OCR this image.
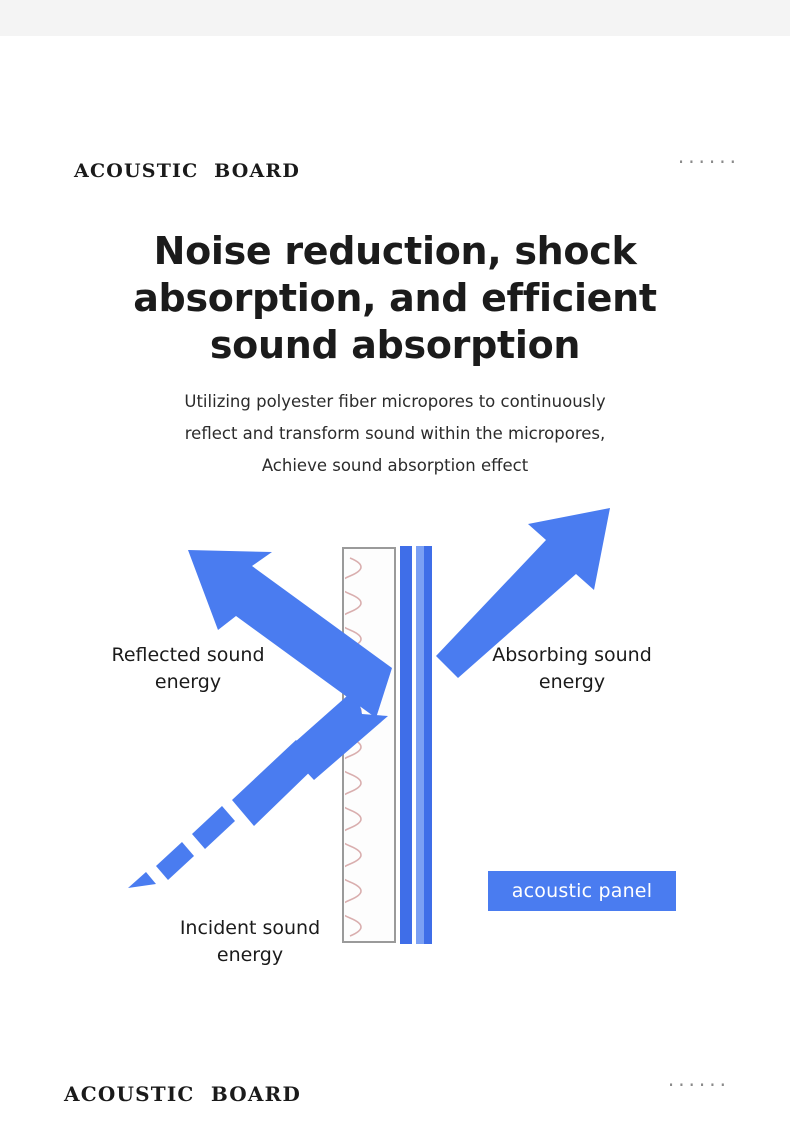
ACOUSTIC  BOARD	······
Noise reduction, shock
absorption, and efficient
sound absorption
Utilizing polyester fiber micropores to continuously
reflect and transform sound within the micropores,
Achieve sound absorption effect
Reflected sound
energy
Absorbing sound
energy
Incident sound
energy
acoustic panel
ACOUSTIC  BOARD	······
